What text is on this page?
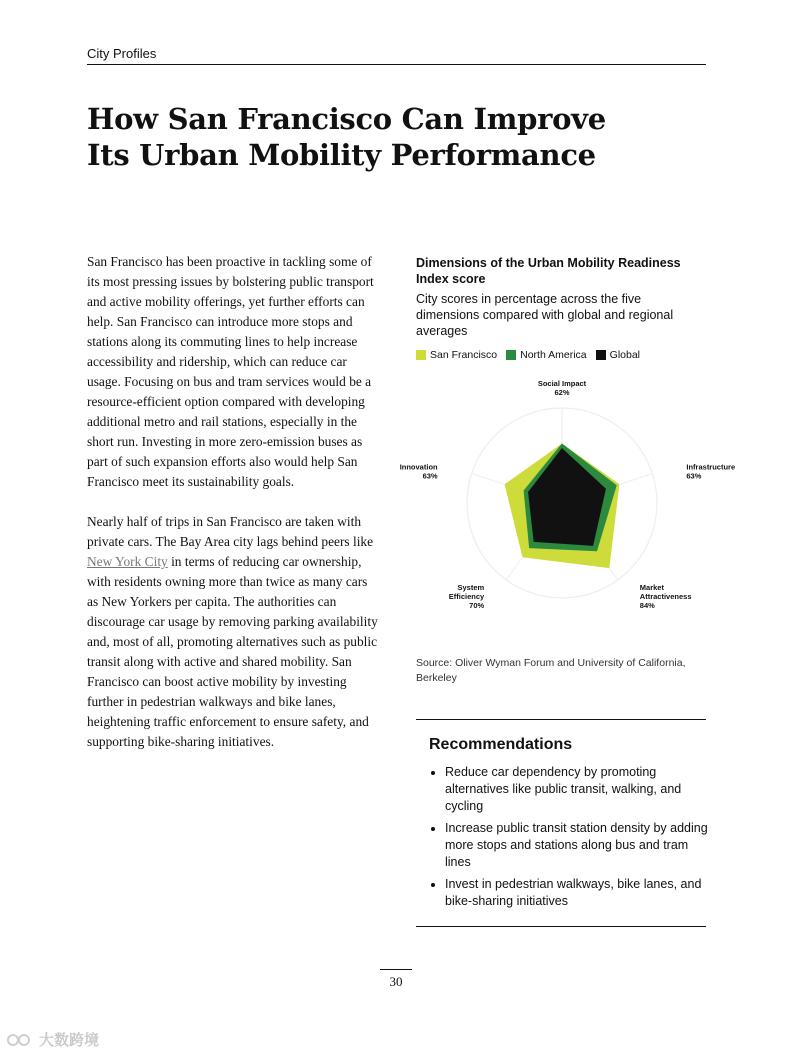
City Profiles
How San Francisco Can Improve
Its Urban Mobility Performance

San Francisco has been proactive in tackling some of its most pressing issues by bolstering public transport and active mobility offerings, yet further efforts can help. San Francisco can introduce more stops and stations along its commuting lines to help increase accessibility and ridership, which can reduce car usage. Focusing on bus and tram services would be a resource-efficient option compared with developing additional metro and rail stations, especially in the short run. Investing in more zero-emission buses as part of such expansion efforts also would help San Francisco meet its sustainability goals.

Nearly half of trips in San Francisco are taken with private cars. The Bay Area city lags behind peers like New York City in terms of reducing car ownership, with residents owning more than twice as many cars as New Yorkers per capita. The authorities can discourage car usage by removing parking availability and, most of all, promoting alternatives such as public transit along with active and shared mobility. San Francisco can boost active mobility by investing further in pedestrian walkways and bike lanes, heightening traffic enforcement to ensure safety, and supporting bike-sharing initiatives.

Dimensions of the Urban Mobility Readiness Index score
City scores in percentage across the five dimensions compared with global and regional averages
San Francisco North America Global
Social Impact 62%
Infrastructure 63%
Market Attractiveness 84%
System Efficiency 70%
Innovation 63%
Source: Oliver Wyman Forum and University of California, Berkeley
Recommendations
• Reduce car dependency by promoting alternatives like public transit, walking, and cycling
• Increase public transit station density by adding more stops and stations along bus and tram lines
• Invest in pedestrian walkways, bike lanes, and bike-sharing initiatives
30
大数跨境
